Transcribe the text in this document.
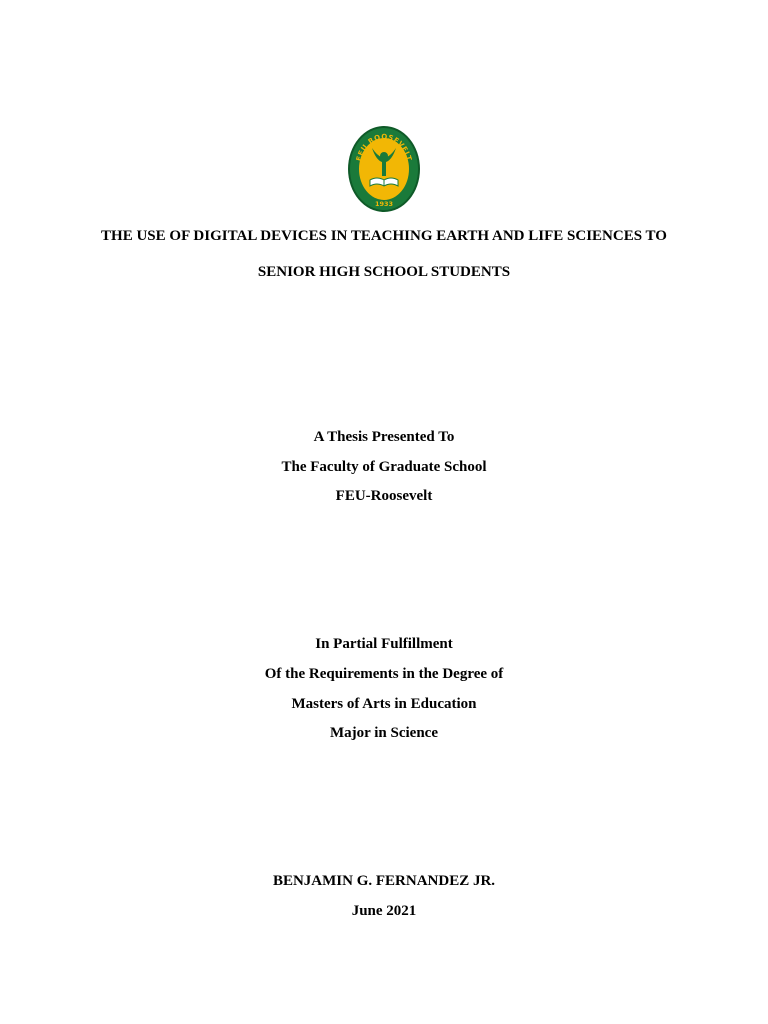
FEU ROOSEVELT
1933
THE USE OF DIGITAL DEVICES IN TEACHING EARTH AND LIFE SCIENCES TO
SENIOR HIGH SCHOOL STUDENTS
A Thesis Presented To
The Faculty of Graduate School
FEU-Roosevelt
In Partial Fulfillment
Of the Requirements in the Degree of
Masters of Arts in Education
Major in Science
BENJAMIN G. FERNANDEZ JR.
June 2021
